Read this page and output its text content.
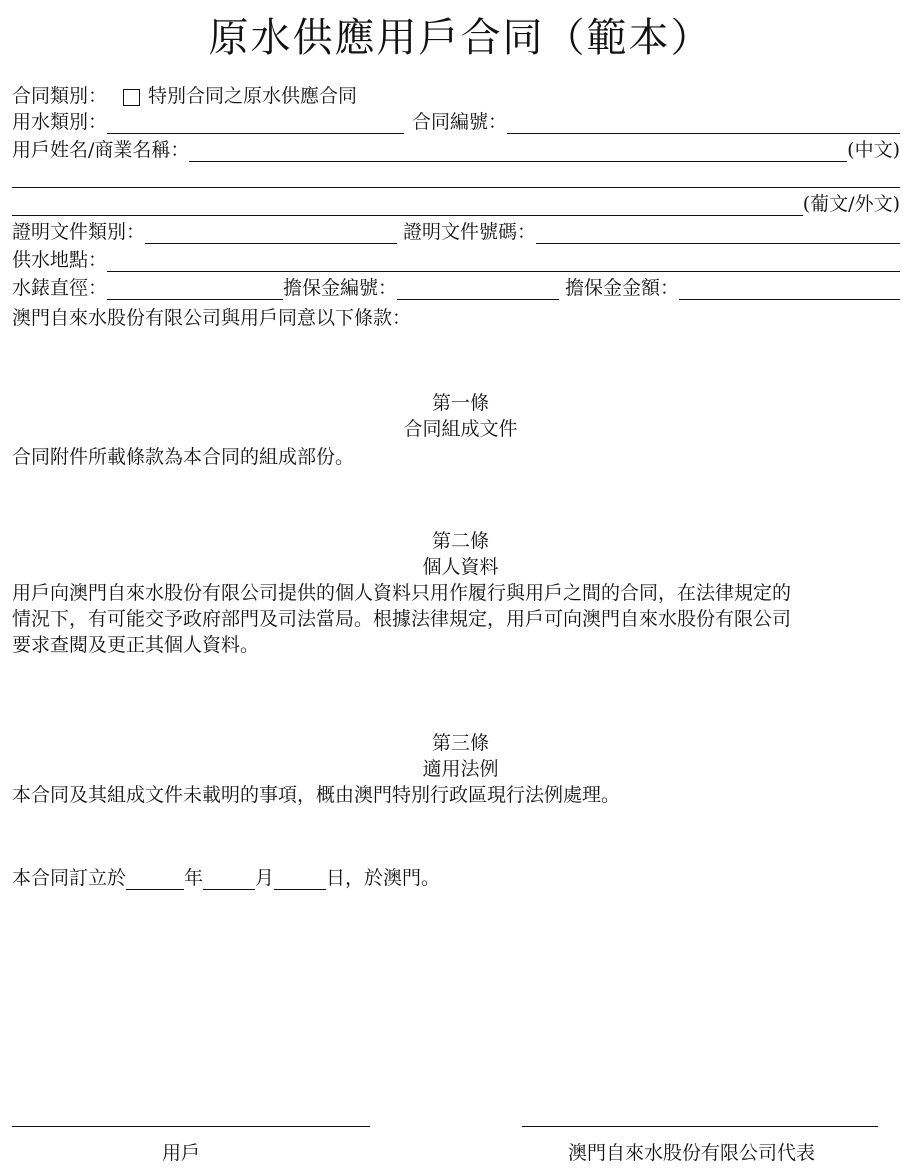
原水供應用戶合同（範本）
合同類別： 特別合同之原水供應合同
用水類別：	合同編號：
用戶姓名/商業名稱：	(中文)
(葡文/外文)
證明文件類別：	證明文件號碼：
供水地點：
水錶直徑：	擔保金編號：	擔保金金額：
澳門自來水股份有限公司與用戶同意以下條款：
第一條
合同組成文件
合同附件所載條款為本合同的組成部份。
第二條
個人資料
用戶向澳門自來水股份有限公司提供的個人資料只用作履行與用戶之間的合同，在法律規定的
情況下，有可能交予政府部門及司法當局。根據法律規定，用戶可向澳門自來水股份有限公司
要求查閱及更正其個人資料。
第三條
適用法例
本合同及其組成文件未載明的事項，概由澳門特別行政區現行法例處理。
本合同訂立於	年	月	日，於澳門。
用戶	澳門自來水股份有限公司代表
